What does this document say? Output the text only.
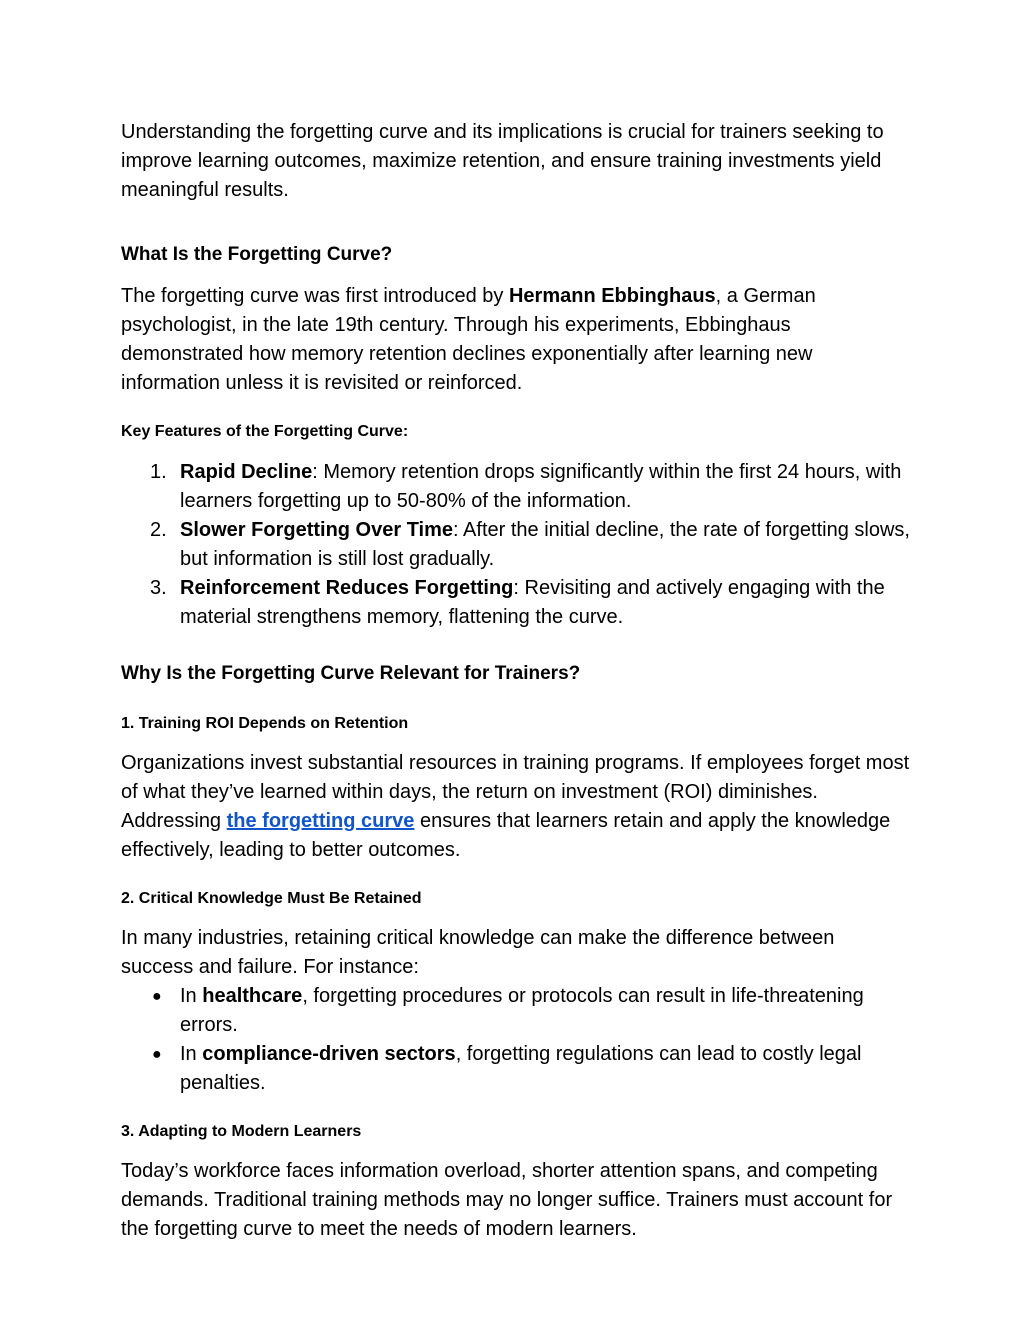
Understanding the forgetting curve and its implications is crucial for trainers seeking to improve learning outcomes, maximize retention, and ensure training investments yield meaningful results.

What Is the Forgetting Curve?

The forgetting curve was first introduced by Hermann Ebbinghaus, a German psychologist, in the late 19th century. Through his experiments, Ebbinghaus demonstrated how memory retention declines exponentially after learning new information unless it is revisited or reinforced.

Key Features of the Forgetting Curve:
1. Rapid Decline: Memory retention drops significantly within the first 24 hours, with learners forgetting up to 50-80% of the information.
2. Slower Forgetting Over Time: After the initial decline, the rate of forgetting slows, but information is still lost gradually.
3. Reinforcement Reduces Forgetting: Revisiting and actively engaging with the material strengthens memory, flattening the curve.
Why Is the Forgetting Curve Relevant for Trainers?
1. Training ROI Depends on Retention

Organizations invest substantial resources in training programs. If employees forget most of what they’ve learned within days, the return on investment (ROI) diminishes. Addressing the forgetting curve ensures that learners retain and apply the knowledge effectively, leading to better outcomes.

2. Critical Knowledge Must Be Retained

In many industries, retaining critical knowledge can make the difference between success and failure. For instance:

● In healthcare, forgetting procedures or protocols can result in life-threatening errors.
● In compliance-driven sectors, forgetting regulations can lead to costly legal penalties.
3. Adapting to Modern Learners

Today’s workforce faces information overload, shorter attention spans, and competing demands. Traditional training methods may no longer suffice. Trainers must account for the forgetting curve to meet the needs of modern learners.
